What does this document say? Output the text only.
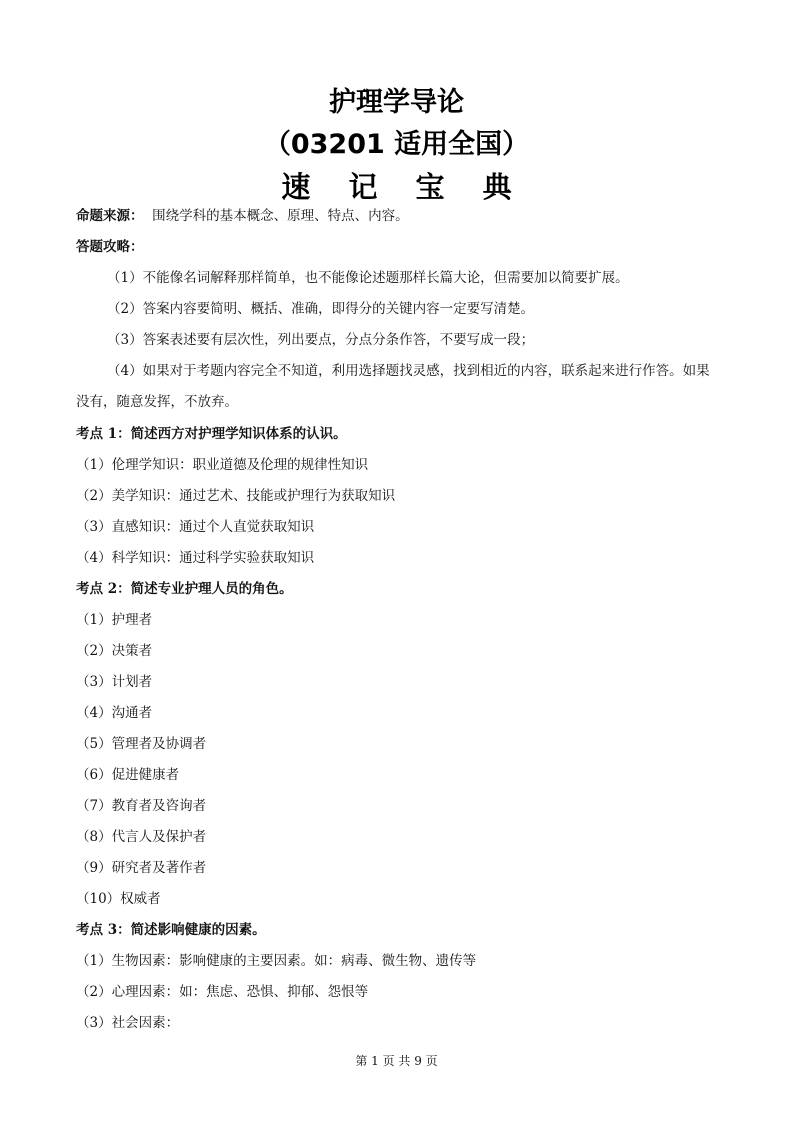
护理学导论
（03201 适用全国）
速 记 宝 典
命题来源： 围绕学科的基本概念、原理、特点、内容。
答题攻略：
（1）不能像名词解释那样简单，也不能像论述题那样长篇大论，但需要加以简要扩展。
（2）答案内容要简明、概括、准确，即得分的关键内容一定要写清楚。
（3）答案表述要有层次性，列出要点，分点分条作答，不要写成一段；
（4）如果对于考题内容完全不知道，利用选择题找灵感，找到相近的内容，联系起来进行作答。如果没有，随意发挥，不放弃。
考点 1：简述西方对护理学知识体系的认识。
（1）伦理学知识：职业道德及伦理的规律性知识
（2）美学知识：通过艺术、技能或护理行为获取知识
（3）直感知识：通过个人直觉获取知识
（4）科学知识：通过科学实验获取知识
考点 2：简述专业护理人员的角色。
（1）护理者
（2）决策者
（3）计划者
（4）沟通者
（5）管理者及协调者
（6）促进健康者
（7）教育者及咨询者
（8）代言人及保护者
（9）研究者及著作者
（10）权威者
考点 3：简述影响健康的因素。
（1）生物因素：影响健康的主要因素。如：病毒、微生物、遗传等
（2）心理因素：如：焦虑、恐惧、抑郁、怨恨等
（3）社会因素：
第 1 页 共 9 页
